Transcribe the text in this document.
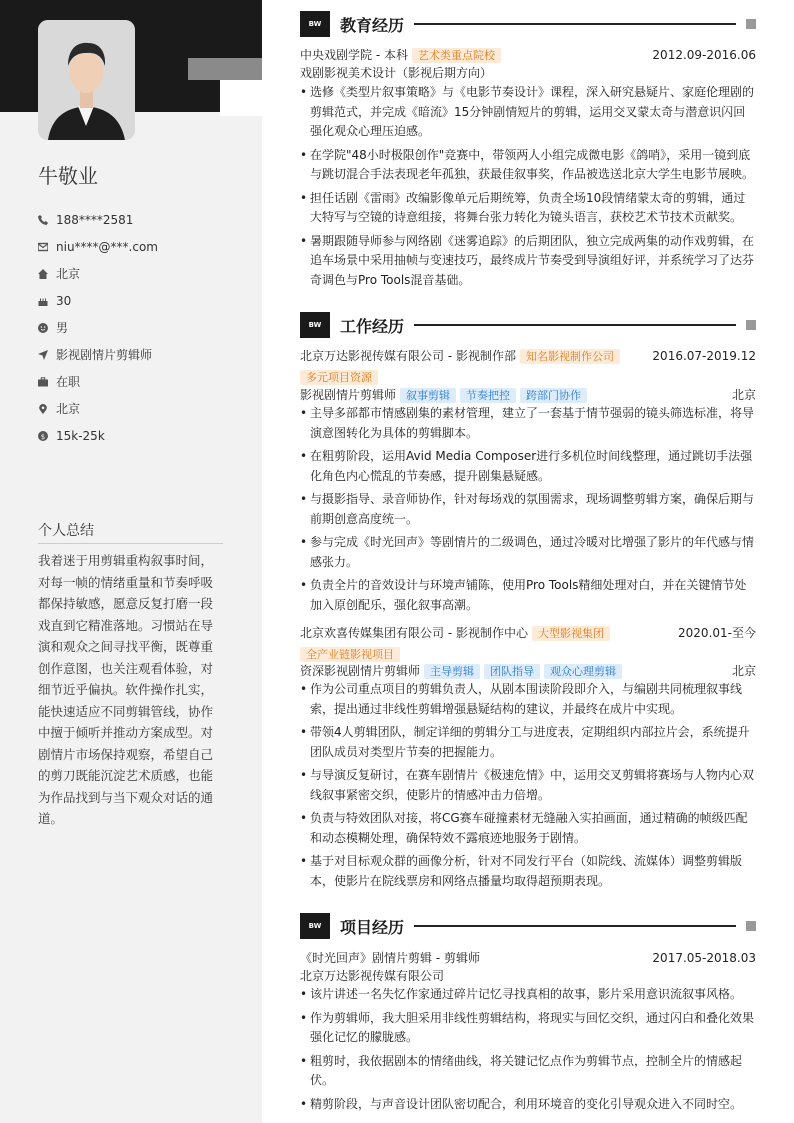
牛敬业
188****2581
niu****@***.com
北京
30
男
影视剧情片剪辑师
在职
北京
$ 15k-25k
个人总结
我着迷于用剪辑重构叙事时间，对每一帧的情绪重量和节奏呼吸都保持敏感，愿意反复打磨一段戏直到它精准落地。习惯站在导演和观众之间寻找平衡，既尊重创作意图，也关注观看体验，对细节近乎偏执。软件操作扎实，能快速适应不同剪辑管线，协作中擅于倾听并推动方案成型。对剧情片市场保持观察，希望自己的剪刀既能沉淀艺术质感，也能为作品找到与当下观众对话的通道。
BW	教育经历
中央戏剧学院 - 本科 艺术类重点院校	2012.09-2016.06
戏剧影视美术设计（影视后期方向）
• 选修《类型片叙事策略》与《电影节奏设计》课程，深入研究悬疑片、家庭伦理剧的剪辑范式，并完成《暗流》15分钟剧情短片的剪辑，运用交叉蒙太奇与潜意识闪回强化观众心理压迫感。
• 在学院"48小时极限创作"竞赛中，带领两人小组完成微电影《鸽哨》，采用一镜到底与跳切混合手法表现老年孤独，获最佳叙事奖，作品被选送北京大学生电影节展映。
• 担任话剧《雷雨》改编影像单元后期统筹，负责全场10段情绪蒙太奇的剪辑，通过大特写与空镜的诗意组接，将舞台张力转化为镜头语言，获校艺术节技术贡献奖。
• 暑期跟随导师参与网络剧《迷雾追踪》的后期团队，独立完成两集的动作戏剪辑，在追车场景中采用抽帧与变速技巧，最终成片节奏受到导演组好评，并系统学习了达芬奇调色与Pro Tools混音基础。
BW	工作经历
北京万达影视传媒有限公司 - 影视制作部 知名影视制作公司	2016.07-2019.12
多元项目资源
影视剧情片剪辑师 叙事剪辑 节奏把控 跨部门协作	北京
• 主导多部都市情感剧集的素材管理，建立了一套基于情节强弱的镜头筛选标准，将导演意图转化为具体的剪辑脚本。
• 在粗剪阶段，运用Avid Media Composer进行多机位时间线整理，通过跳切手法强化角色内心慌乱的节奏感，提升剧集悬疑感。
• 与摄影指导、录音师协作，针对每场戏的氛围需求，现场调整剪辑方案，确保后期与前期创意高度统一。
• 参与完成《时光回声》等剧情片的二级调色，通过冷暖对比增强了影片的年代感与情感张力。
• 负责全片的音效设计与环境声铺陈，使用Pro Tools精细处理对白，并在关键情节处加入原创配乐，强化叙事高潮。
北京欢喜传媒集团有限公司 - 影视制作中心 大型影视集团	2020.01-至今
全产业链影视项目
资深影视剧情片剪辑师 主导剪辑 团队指导 观众心理剪辑	北京
• 作为公司重点项目的剪辑负责人，从剧本围读阶段即介入，与编剧共同梳理叙事线索，提出通过非线性剪辑增强悬疑结构的建议，并最终在成片中实现。
• 带领4人剪辑团队，制定详细的剪辑分工与进度表，定期组织内部拉片会，系统提升团队成员对类型片节奏的把握能力。
• 与导演反复研讨，在赛车剧情片《极速危情》中，运用交叉剪辑将赛场与人物内心双线叙事紧密交织，使影片的情感冲击力倍增。
• 负责与特效团队对接，将CG赛车碰撞素材无缝融入实拍画面，通过精确的帧级匹配和动态模糊处理，确保特效不露痕迹地服务于剧情。
• 基于对目标观众群的画像分析，针对不同发行平台（如院线、流媒体）调整剪辑版本，使影片在院线票房和网络点播量均取得超预期表现。
BW	项目经历
《时光回声》剧情片剪辑 - 剪辑师	2017.05-2018.03
北京万达影视传媒有限公司
• 该片讲述一名失忆作家通过碎片记忆寻找真相的故事，影片采用意识流叙事风格。
• 作为剪辑师，我大胆采用非线性剪辑结构，将现实与回忆交织，通过闪白和叠化效果强化记忆的朦胧感。
• 粗剪时，我依据剧本的情绪曲线，将关键记忆点作为剪辑节点，控制全片的情感起伏。
• 精剪阶段，与声音设计团队密切配合，利用环境音的变化引导观众进入不同时空。
